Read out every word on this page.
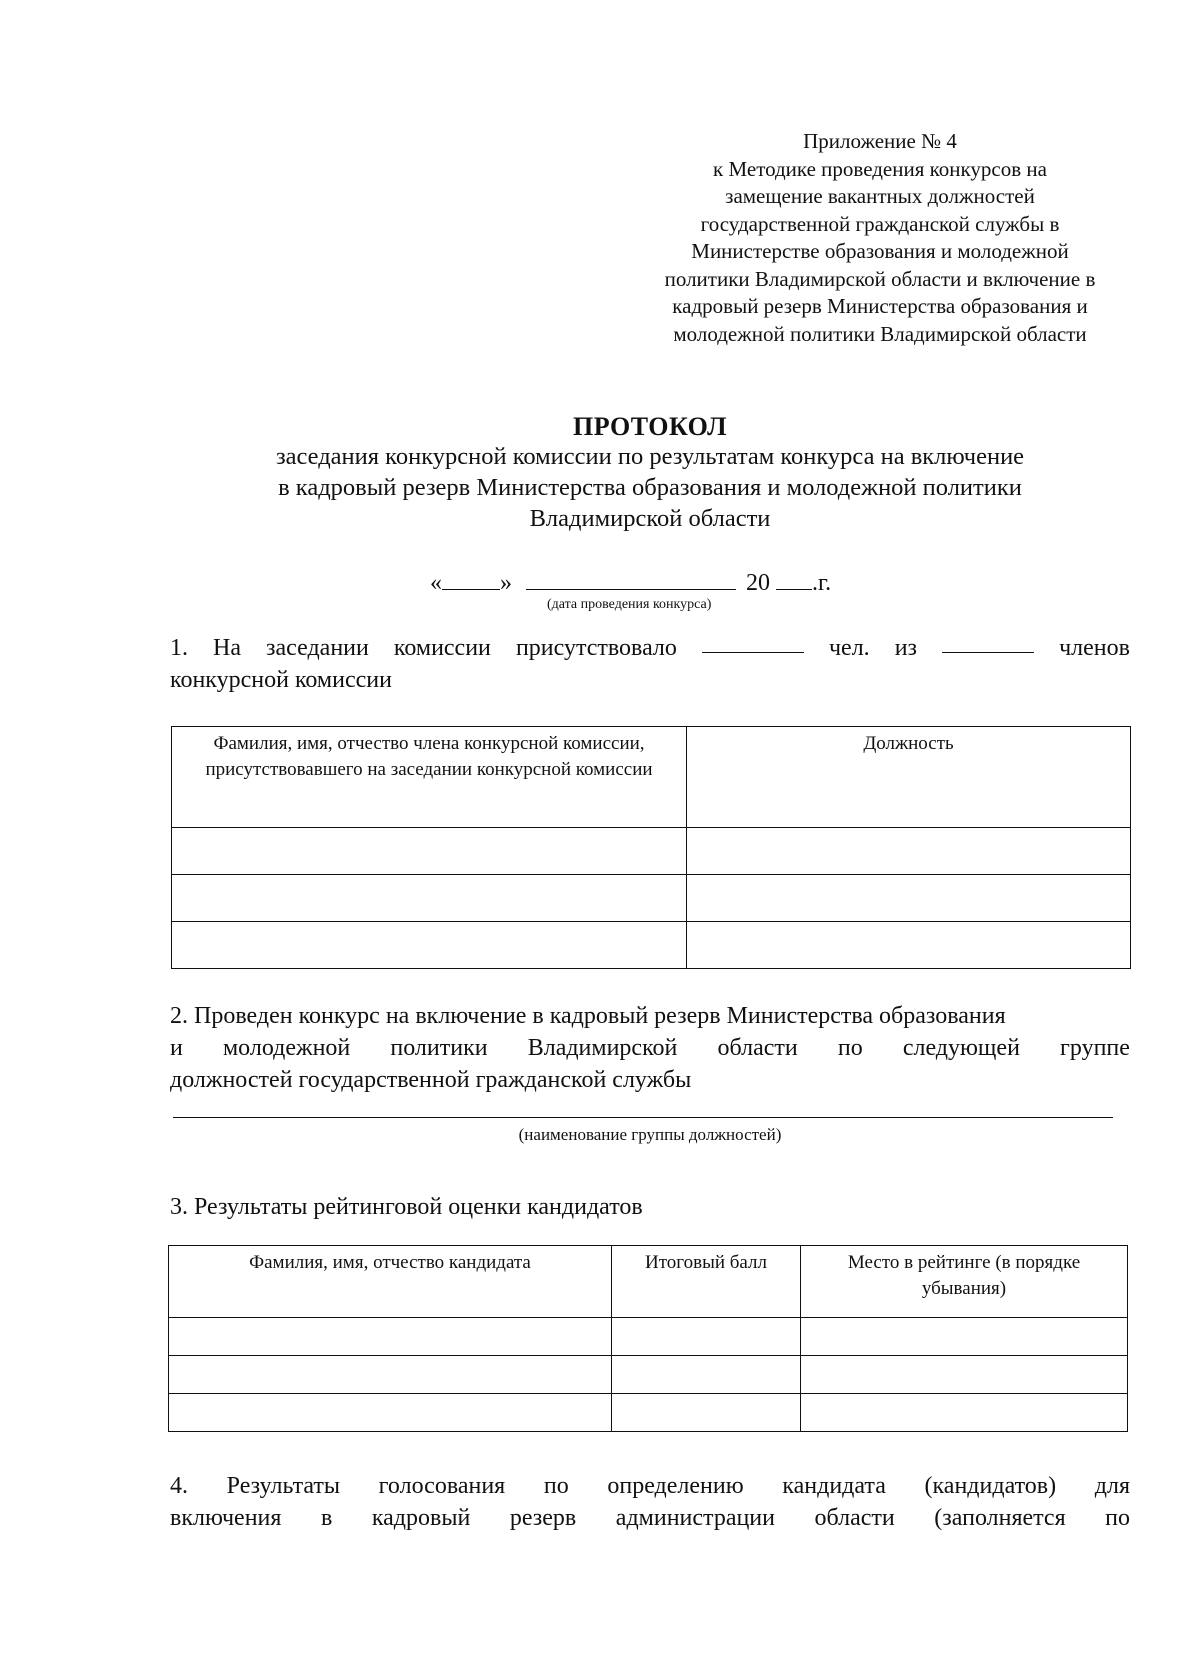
Приложение № 4
к Методике проведения конкурсов на
замещение вакантных должностей
государственной гражданской службы в
Министерстве образования и молодежной
политики Владимирской области и включение в
кадровый резерв Министерства образования и
молодежной политики Владимирской области
ПРОТОКОЛ
заседания конкурсной комиссии по результатам конкурса на включение
в кадровый резерв Министерства образования и молодежной политики
Владимирской области
« »	20 .г.
(дата проведения конкурса)
1. На заседании комиссии присутствовало	чел. из	членов
конкурсной комиссии
Фамилия, имя, отчество члена конкурсной комиссии, присутствовавшего на заседании конкурсной комиссии	Должность

2. Проведен конкурс на включение в кадровый резерв Министерства образования
и молодежной политики Владимирской области по следующей группе
должностей государственной гражданской службы
(наименование группы должностей)
3. Результаты рейтинговой оценки кандидатов
Фамилия, имя, отчество кандидата	Итоговый балл	Место в рейтинге (в порядке убывания)

4. Результаты голосования по определению кандидата (кандидатов) для
включения в кадровый резерв администрации области (заполняется по
